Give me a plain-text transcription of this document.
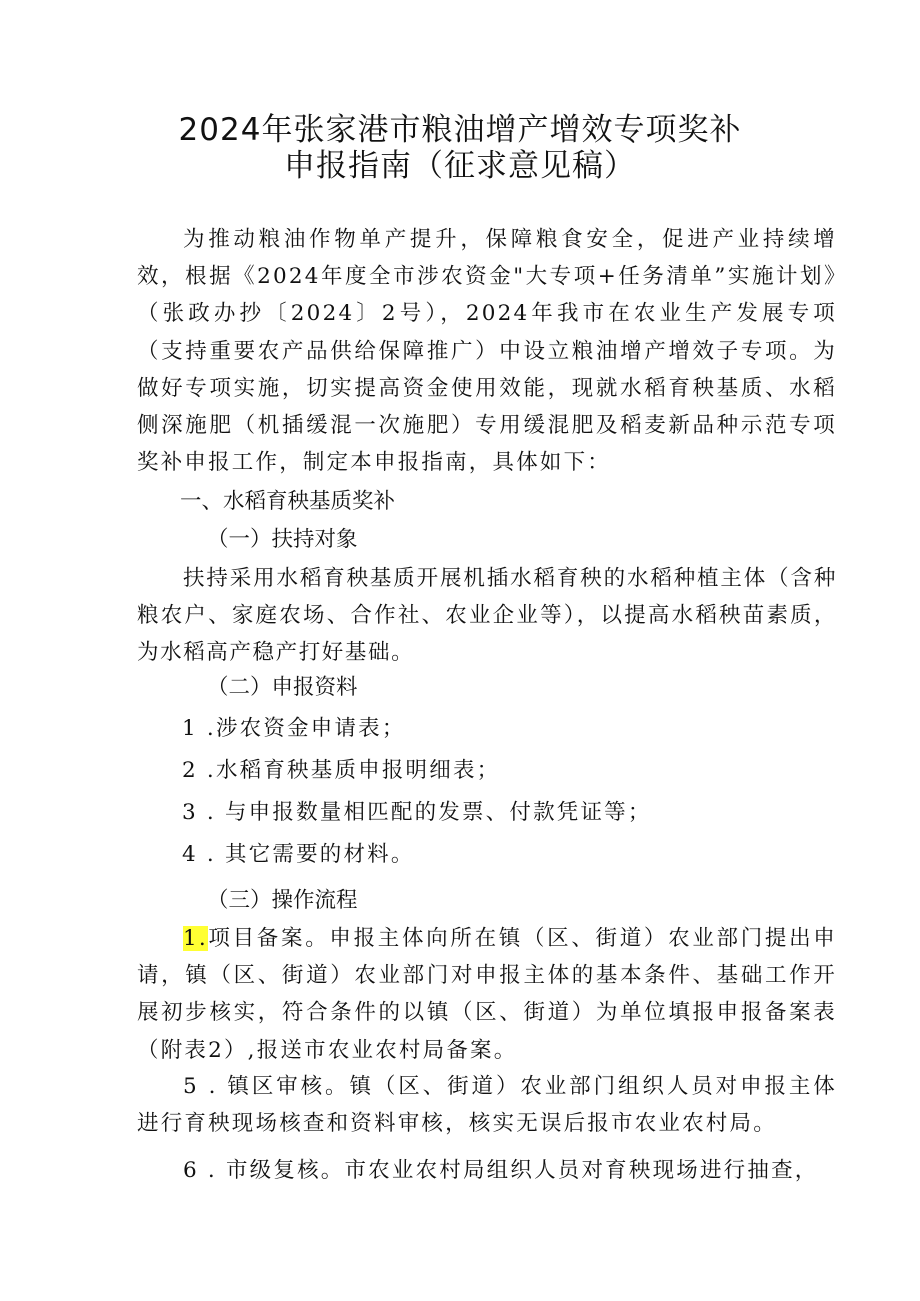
2024年张家港市粮油增产增效专项奖补
申报指南（征求意见稿）
为推动粮油作物单产提升，保障粮食安全，促进产业持续增效，根据《2024年度全市涉农资金"大专项+任务清单”实施计划》（张政办抄〔2024〕2号），2024年我市在农业生产发展专项（支持重要农产品供给保障推广）中设立粮油增产增效子专项。为做好专项实施，切实提高资金使用效能，现就水稻育秧基质、水稻侧深施肥（机插缓混一次施肥）专用缓混肥及稻麦新品种示范专项奖补申报工作，制定本申报指南，具体如下：
一、水稻育秧基质奖补
（一）扶持对象
扶持采用水稻育秧基质开展机插水稻育秧的水稻种植主体（含种粮农户、家庭农场、合作社、农业企业等），以提高水稻秧苗素质，为水稻高产稳产打好基础。
（二）申报资料
1 .涉农资金申请表；
2 .水稻育秧基质申报明细表；
3 . 与申报数量相匹配的发票、付款凭证等；
4 . 其它需要的材料。
（三）操作流程
1.项目备案。申报主体向所在镇（区、街道）农业部门提出申请，镇（区、街道）农业部门对申报主体的基本条件、基础工作开展初步核实，符合条件的以镇（区、街道）为单位填报申报备案表（附表2）,报送市农业农村局备案。
5 . 镇区审核。镇（区、街道）农业部门组织人员对申报主体进行育秧现场核查和资料审核，核实无误后报市农业农村局。
6 . 市级复核。市农业农村局组织人员对育秧现场进行抽查，
